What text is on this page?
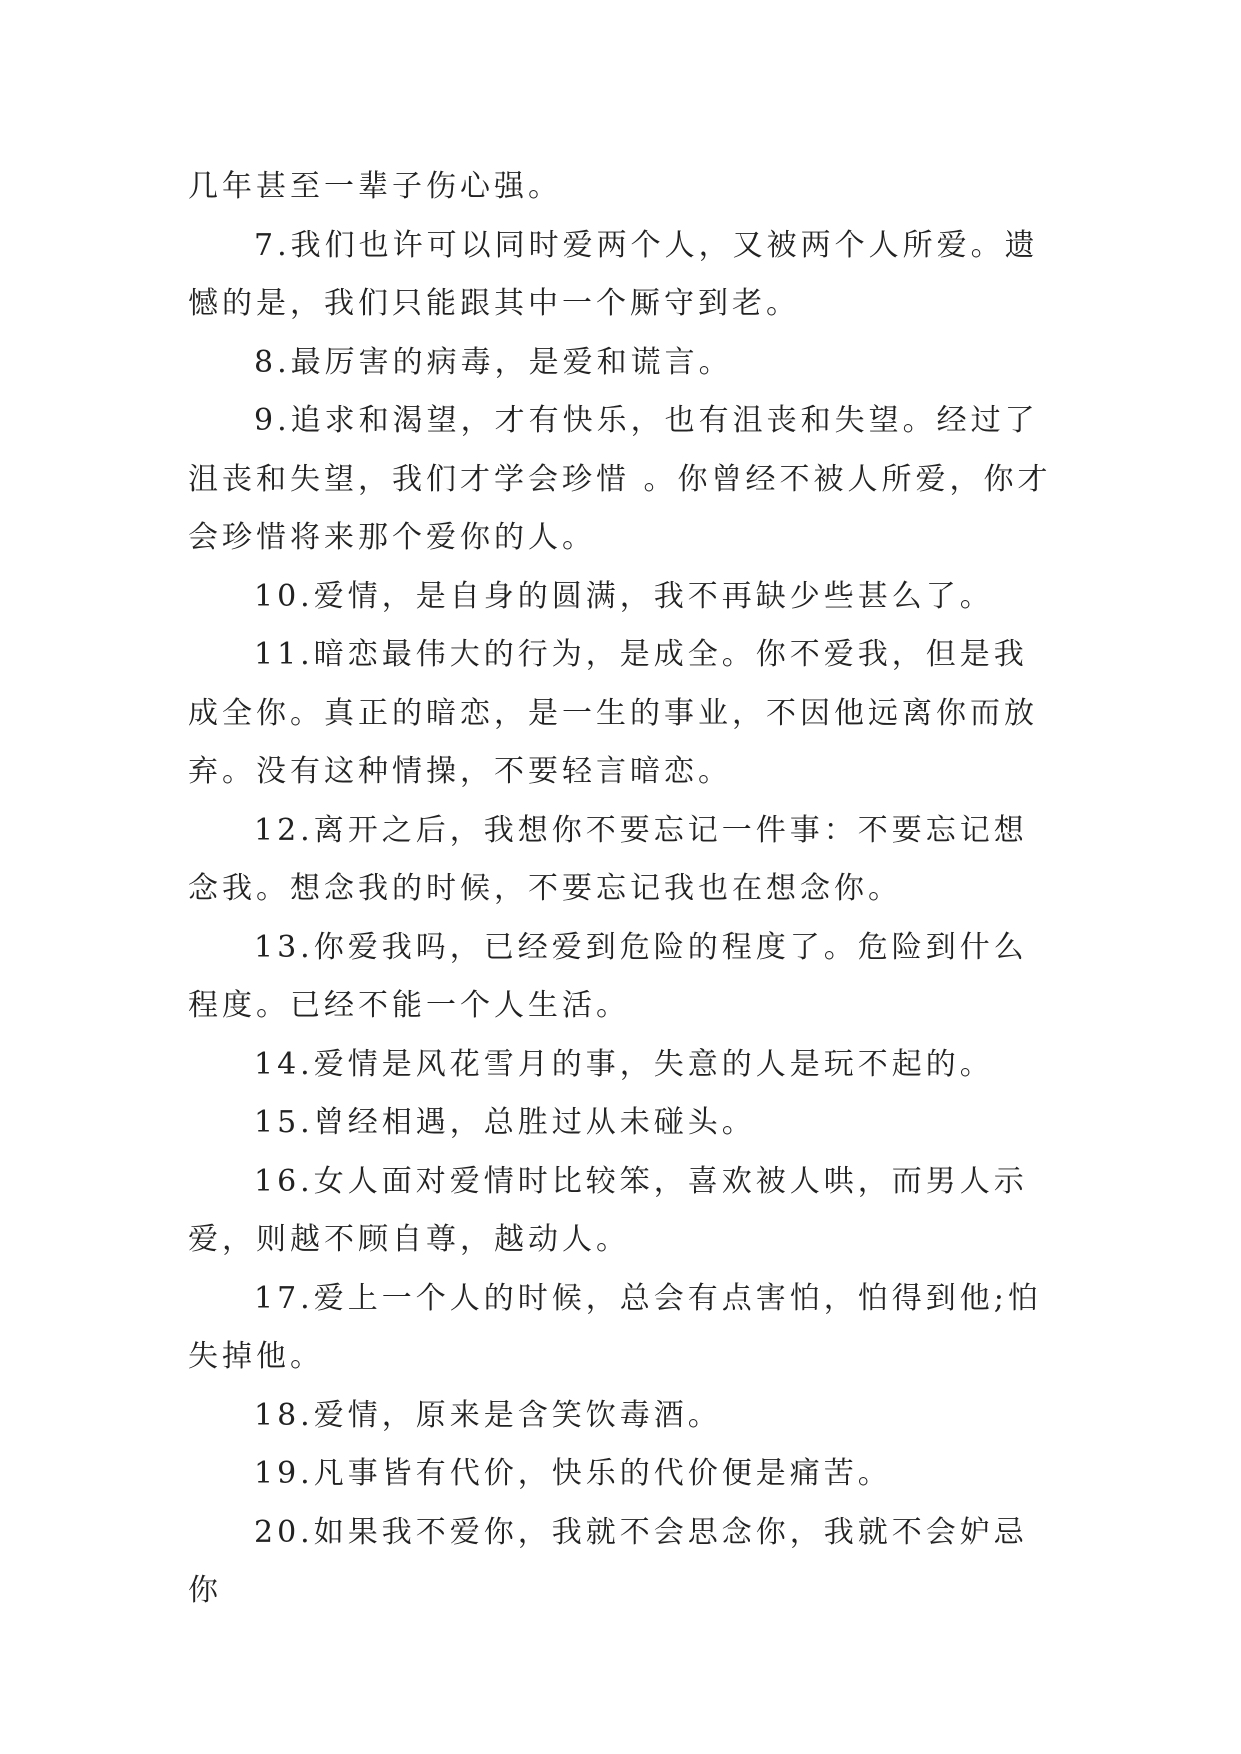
几年甚至一辈子伤心强。

7.我们也许可以同时爱两个人，又被两个人所爱。遗憾的是，我们只能跟其中一个厮守到老。

8.最厉害的病毒，是爱和谎言。

9.追求和渴望，才有快乐，也有沮丧和失望。经过了沮丧和失望，我们才学会珍惜 。你曾经不被人所爱，你才会珍惜将来那个爱你的人。

10.爱情，是自身的圆满，我不再缺少些甚么了。

11.暗恋最伟大的行为，是成全。你不爱我，但是我成全你。真正的暗恋，是一生的事业，不因他远离你而放弃。没有这种情操，不要轻言暗恋。

12.离开之后，我想你不要忘记一件事：不要忘记想念我。想念我的时候，不要忘记我也在想念你。

13.你爱我吗，已经爱到危险的程度了。危险到什么程度。已经不能一个人生活。

14.爱情是风花雪月的事，失意的人是玩不起的。

15.曾经相遇，总胜过从未碰头。

16.女人面对爱情时比较笨，喜欢被人哄，而男人示爱，则越不顾自尊，越动人。

17.爱上一个人的时候，总会有点害怕，怕得到他;怕失掉他。

18.爱情，原来是含笑饮毒酒。

19.凡事皆有代价，快乐的代价便是痛苦。

20.如果我不爱你，我就不会思念你，我就不会妒忌你
